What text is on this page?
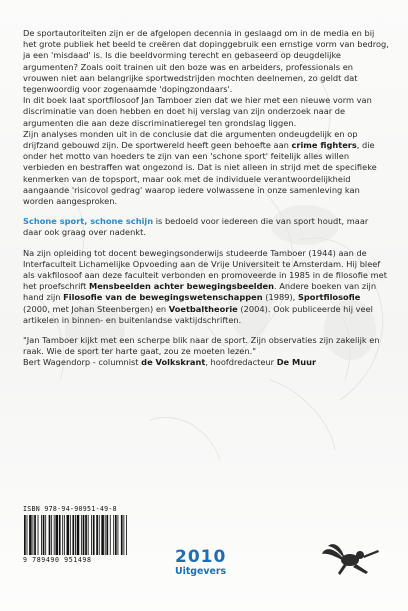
De sportautoriteiten zijn er de afgelopen decennia in geslaagd om in de media en bij het grote publiek het beeld te creëren dat dopinggebruik een ernstige vorm van bedrog, ja een 'misdaad' is. Is die beeldvorming terecht en gebaseerd op deugdelijke argumenten? Zoals ooit trainen uit den boze was en arbeiders, professionals en vrouwen niet aan belangrijke sportwedstrijden mochten deelnemen, zo geldt dat tegenwoordig voor zogenaamde 'dopingzondaars'.

In dit boek laat sportfilosoof Jan Tamboer zien dat we hier met een nieuwe vorm van discriminatie van doen hebben en doet hij verslag van zijn onderzoek naar de argumenten die aan deze discriminatieregel ten grondslag liggen.

Zijn analyses monden uit in de conclusie dat die argumenten ondeugdelijk en op drijfzand gebouwd zijn. De sportwereld heeft geen behoefte aan crime fighters, die onder het motto van hoeders te zijn van een 'schone sport' feitelijk alles willen verbieden en bestraffen wat ongezond is. Dat is niet alleen in strijd met de specifieke kenmerken van de topsport, maar ook met de individuele verantwoordelijkheid aangaande 'risicovol gedrag' waarop iedere volwassene in onze samenleving kan worden aangesproken.

Schone sport, schone schijn is bedoeld voor iedereen die van sport houdt, maar daar ook graag over nadenkt.

Na zijn opleiding tot docent bewegingsonderwijs studeerde Tamboer (1944) aan de Interfaculteit Lichamelijke Opvoeding aan de Vrije Universiteit te Amsterdam. Hij bleef als vakfilosoof aan deze faculteit verbonden en promoveerde in 1985 in de filosofie met het proefschrift Mensbeelden achter bewegingsbeelden. Andere boeken van zijn hand zijn Filosofie van de bewegingswetenschappen (1989), Sportfilosofie (2000, met Johan Steenbergen) en Voetbaltheorie (2004). Ook publiceerde hij veel artikelen in binnen- en buitenlandse vaktijdschriften.

"Jan Tamboer kijkt met een scherpe blik naar de sport. Zijn observaties zijn zakelijk en raak. Wie de sport ter harte gaat, zou ze moeten lezen."

Bert Wagendorp - columnist de Volkskrant, hoofdredacteur De Muur

ISBN 978-94-90951-49-8
9 789490 951498	2010
Uitgevers
